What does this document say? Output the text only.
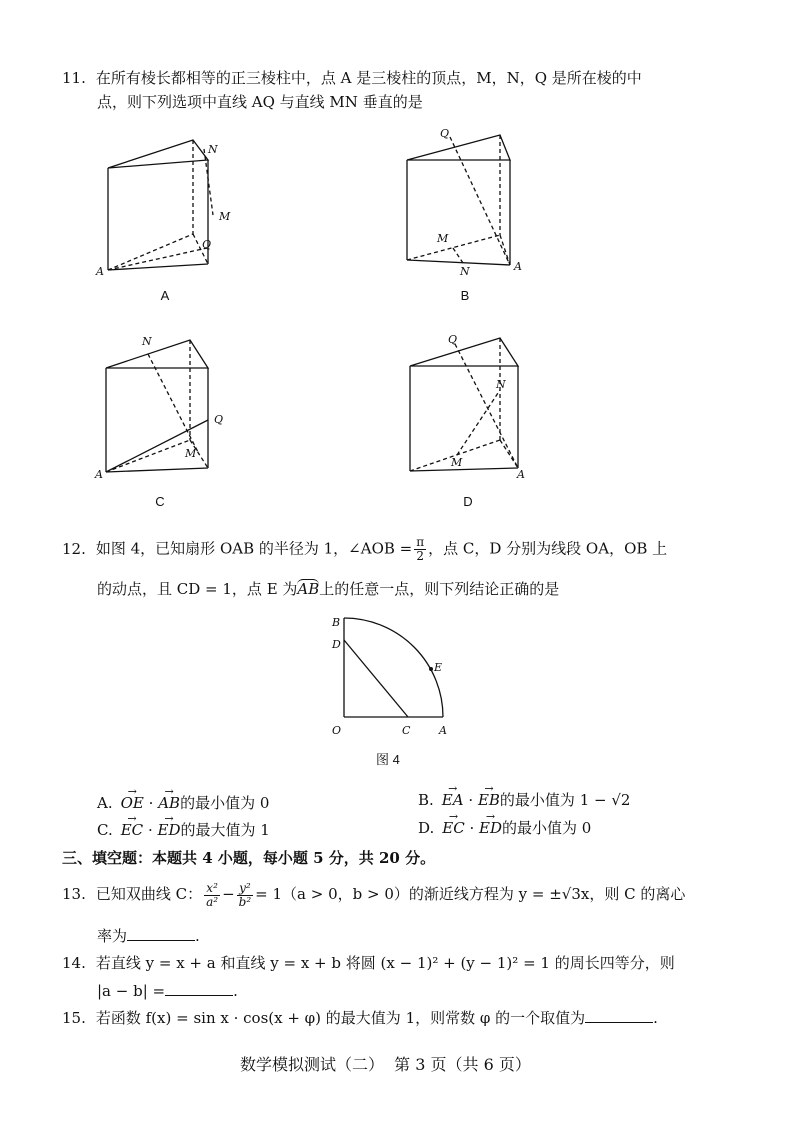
11. 在所有棱长都相等的正三棱柱中，点 A 是三棱柱的顶点，M，N，Q 是所在棱的中
点，则下列选项中直线 AQ 与直线 MN 垂直的是
N
M
Q
A
A
Q
M
N	A
B
N
Q
M
A
C
Q
N
M
A
D
12. 如图 4，已知扇形 OAB 的半径为 1，∠AOB = $\frac{\pi}{2}$ ，点 C，D 分别为线段 OA，OB 上
的动点，且 CD = 1，点 E 为AB上的任意一点，则下列结论正确的是
B
D
E
O	C	A
图 4
A. → OE · → AB的最小值为 0	B. → EA · → EB的最小值为 1 − √2
C. → EC · → ED的最大值为 1	D. → EC · → ED的最小值为 0
三、填空题：本题共 4 小题，每小题 5 分，共 20 分。
13. 已知双曲线 C： $\frac{\text{x²}}{\text{a²}} - \frac{\text{y²}}{\text{b²}} = 1(a > 0$，b > 0）的渐近线方程为 y = ±√3x，则 C 的离心
率为	.
14. 若直线 y = x + a 和直线 y = x + b 将圆 (x − 1)² + (y − 1)² = 1 的周长四等分，则
|a − b| =	.
15. 若函数 f(x) = sin x · cos(x + φ) 的最大值为 1，则常数 φ 的一个取值为	.
数学模拟测试（二）  第 3 页（共 6 页）
